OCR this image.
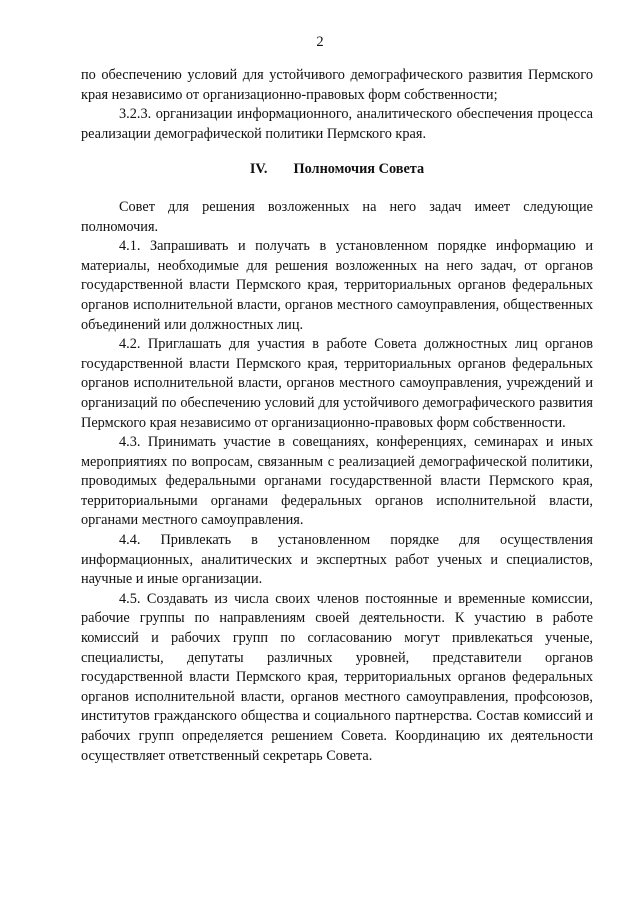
2

по обеспечению условий для устойчивого демографического развития Пермского края независимо от организационно-правовых форм собственности;

3.2.3. организации информационного, аналитического обеспечения процесса реализации демографической политики Пермского края.

IV. Полномочия Совета

Совет для решения возложенных на него задач имеет следующие полномочия.

4.1. Запрашивать и получать в установленном порядке информацию и материалы, необходимые для решения возложенных на него задач, от органов государственной власти Пермского края, территориальных органов федеральных органов исполнительной власти, органов местного самоуправления, общественных объединений или должностных лиц.

4.2. Приглашать для участия в работе Совета должностных лиц органов государственной власти Пермского края, территориальных органов федеральных органов исполнительной власти, органов местного самоуправления, учреждений и организаций по обеспечению условий для устойчивого демографического развития Пермского края независимо от организационно-правовых форм собственности.

4.3. Принимать участие в совещаниях, конференциях, семинарах и иных мероприятиях по вопросам, связанным с реализацией демографической политики, проводимых федеральными органами государственной власти Пермского края, территориальными органами федеральных органов исполнительной власти, органами местного самоуправления.

4.4. Привлекать в установленном порядке для осуществления информационных, аналитических и экспертных работ ученых и специалистов, научные и иные организации.

4.5. Создавать из числа своих членов постоянные и временные комиссии, рабочие группы по направлениям своей деятельности. К участию в работе комиссий и рабочих групп по согласованию могут привлекаться ученые, специалисты, депутаты различных уровней, представители органов государственной власти Пермского края, территориальных органов федеральных органов исполнительной власти, органов местного самоуправления, профсоюзов, институтов гражданского общества и социального партнерства. Состав комиссий и рабочих групп определяется решением Совета. Координацию их деятельности осуществляет ответственный секретарь Совета.
